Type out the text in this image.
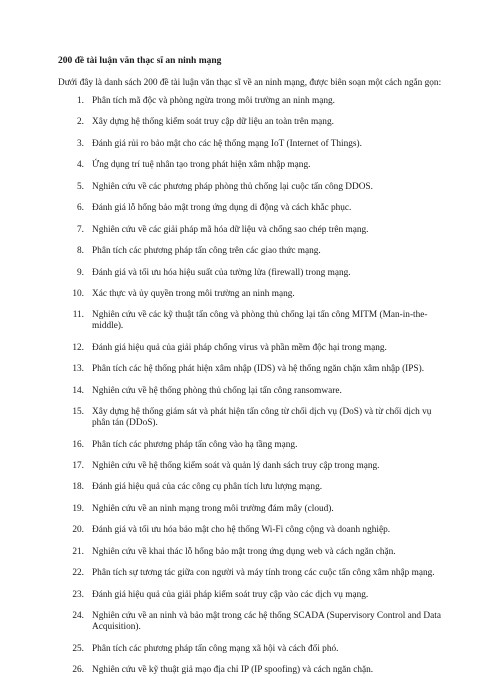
200 đề tài luận văn thạc sĩ an ninh mạng
Dưới đây là danh sách 200 đề tài luận văn thạc sĩ về an ninh mạng, được biên soạn một cách ngắn gọn:
1. Phân tích mã độc và phòng ngừa trong môi trường an ninh mạng.
2. Xây dựng hệ thống kiểm soát truy cập dữ liệu an toàn trên mạng.
3. Đánh giá rủi ro bảo mật cho các hệ thống mạng IoT (Internet of Things).
4. Ứng dụng trí tuệ nhân tạo trong phát hiện xâm nhập mạng.
5. Nghiên cứu về các phương pháp phòng thủ chống lại cuộc tấn công DDOS.
6. Đánh giá lỗ hổng bảo mật trong ứng dụng di động và cách khắc phục.
7. Nghiên cứu về các giải pháp mã hóa dữ liệu và chống sao chép trên mạng.
8. Phân tích các phương pháp tấn công trên các giao thức mạng.
9. Đánh giá và tối ưu hóa hiệu suất của tường lửa (firewall) trong mạng.
10. Xác thực và ủy quyền trong môi trường an ninh mạng.
11. Nghiên cứu về các kỹ thuật tấn công và phòng thủ chống lại tấn công MITM (Man-in-the-middle).
12. Đánh giá hiệu quả của giải pháp chống virus và phần mềm độc hại trong mạng.
13. Phân tích các hệ thống phát hiện xâm nhập (IDS) và hệ thống ngăn chặn xâm nhập (IPS).
14. Nghiên cứu về hệ thống phòng thủ chống lại tấn công ransomware.
15. Xây dựng hệ thống giám sát và phát hiện tấn công từ chối dịch vụ (DoS) và từ chối dịch vụ phân tán (DDoS).
16. Phân tích các phương pháp tấn công vào hạ tầng mạng.
17. Nghiên cứu về hệ thống kiểm soát và quản lý danh sách truy cập trong mạng.
18. Đánh giá hiệu quả của các công cụ phân tích lưu lượng mạng.
19. Nghiên cứu về an ninh mạng trong môi trường đám mây (cloud).
20. Đánh giá và tối ưu hóa bảo mật cho hệ thống Wi-Fi công cộng và doanh nghiệp.
21. Nghiên cứu về khai thác lỗ hổng bảo mật trong ứng dụng web và cách ngăn chặn.
22. Phân tích sự tương tác giữa con người và máy tính trong các cuộc tấn công xâm nhập mạng.
23. Đánh giá hiệu quả của giải pháp kiểm soát truy cập vào các dịch vụ mạng.
24. Nghiên cứu về an ninh và bảo mật trong các hệ thống SCADA (Supervisory Control and Data Acquisition).
25. Phân tích các phương pháp tấn công mạng xã hội và cách đối phó.
26. Nghiên cứu về kỹ thuật giả mạo địa chỉ IP (IP spoofing) và cách ngăn chặn.
